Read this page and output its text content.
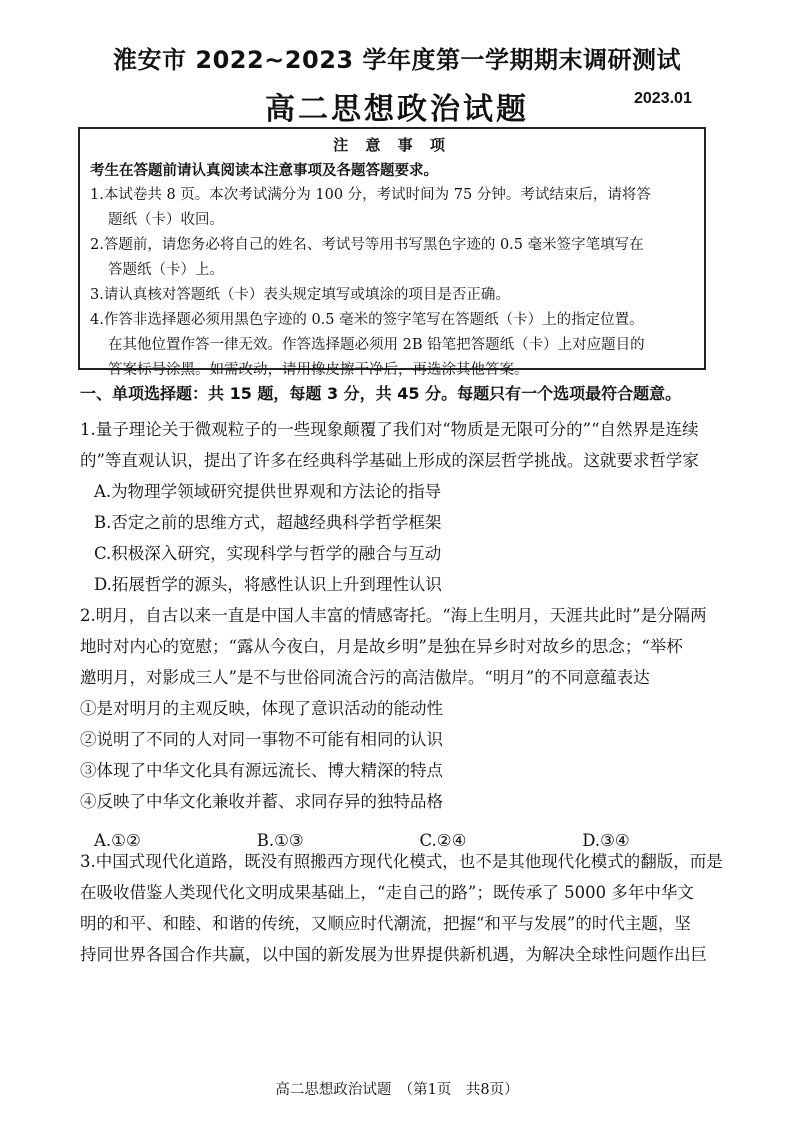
淮安市 2022~2023 学年度第一学期期末调研测试
高二思想政治试题	2023.01
注 意 事 项
考生在答题前请认真阅读本注意事项及各题答题要求。
1.本试卷共 8 页。本次考试满分为 100 分，考试时间为 75 分钟。考试结束后，请将答
题纸（卡）收回。
2.答题前，请您务必将自己的姓名、考试号等用书写黑色字迹的 0.5 毫米签字笔填写在
答题纸（卡）上。
3.请认真核对答题纸（卡）表头规定填写或填涂的项目是否正确。
4.作答非选择题必须用黑色字迹的 0.5 毫米的签字笔写在答题纸（卡）上的指定位置。
在其他位置作答一律无效。作答选择题必须用 2B 铅笔把答题纸（卡）上对应题目的
答案标号涂黑。如需改动，请用橡皮擦干净后，再选涂其他答案。
一、单项选择题：共 15 题，每题 3 分，共 45 分。每题只有一个选项最符合题意。

1.量子理论关于微观粒子的一些现象颠覆了我们对“物质是无限可分的”“自然界是连续

的”等直观认识，提出了许多在经典科学基础上形成的深层哲学挑战。这就要求哲学家

A.为物理学领域研究提供世界观和方法论的指导

B.否定之前的思维方式，超越经典科学哲学框架

C.积极深入研究，实现科学与哲学的融合与互动

D.拓展哲学的源头，将感性认识上升到理性认识

2.明月，自古以来一直是中国人丰富的情感寄托。“海上生明月，天涯共此时”是分隔两

地时对内心的宽慰；“露从今夜白，月是故乡明”是独在异乡时对故乡的思念；“举杯

邀明月，对影成三人”是不与世俗同流合污的高洁傲岸。“明月”的不同意蕴表达

①是对明月的主观反映，体现了意识活动的能动性

②说明了不同的人对同一事物不可能有相同的认识

③体现了中华文化具有源远流长、博大精深的特点

④反映了中华文化兼收并蓄、求同存异的独特品格

A.①②	B.①③	C.②④	D.③④

3.中国式现代化道路，既没有照搬西方现代化模式，也不是其他现代化模式的翻版，而是

在吸收借鉴人类现代化文明成果基础上，“走自己的路”；既传承了 5000 多年中华文

明的和平、和睦、和谐的传统，又顺应时代潮流，把握“和平与发展”的时代主题，坚

持同世界各国合作共赢，以中国的新发展为世界提供新机遇，为解决全球性问题作出巨

高二思想政治试题　（第1页　共8页）
